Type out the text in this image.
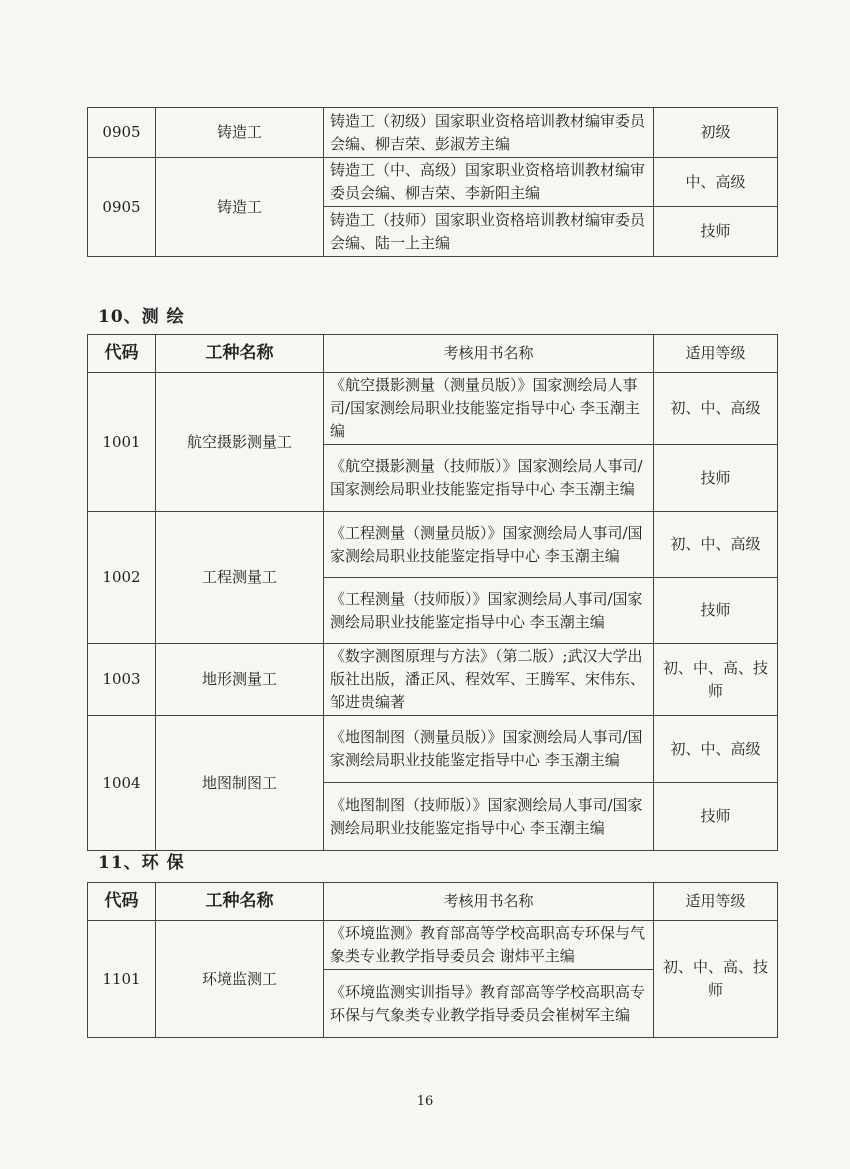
0905	铸造工	铸造工（初级）国家职业资格培训教材编审委员会编、柳吉荣、彭淑芳主编	初级
0905	铸造工	铸造工（中、高级）国家职业资格培训教材编审委员会编、柳吉荣、李新阳主编	中、高级
		铸造工（技师）国家职业资格培训教材编审委员会编、陆一上主编	技师
10、测 绘
代码	工种名称	考核用书名称	适用等级
1001	航空摄影测量工	《航空摄影测量（测量员版）》国家测绘局人事司/国家测绘局职业技能鉴定指导中心 李玉潮主编	初、中、高级
		《航空摄影测量（技师版）》国家测绘局人事司/国家测绘局职业技能鉴定指导中心 李玉潮主编	技师
1002	工程测量工	《工程测量（测量员版）》国家测绘局人事司/国家测绘局职业技能鉴定指导中心 李玉潮主编	初、中、高级
		《工程测量（技师版）》国家测绘局人事司/国家测绘局职业技能鉴定指导中心 李玉潮主编	技师
1003	地形测量工	《数字测图原理与方法》（第二版）;武汉大学出版社出版，潘正风、程效军、王腾军、宋伟东、邹进贵编著	初、中、高、技师
1004	地图制图工	《地图制图（测量员版）》国家测绘局人事司/国家测绘局职业技能鉴定指导中心 李玉潮主编	初、中、高级
		《地图制图（技师版）》国家测绘局人事司/国家测绘局职业技能鉴定指导中心 李玉潮主编	技师
11、环 保
代码	工种名称	考核用书名称	适用等级
1101	环境监测工	《环境监测》教育部高等学校高职高专环保与气象类专业教学指导委员会 谢炜平主编	初、中、高、技师
		《环境监测实训指导》教育部高等学校高职高专环保与气象类专业教学指导委员会崔树军主编	
16
